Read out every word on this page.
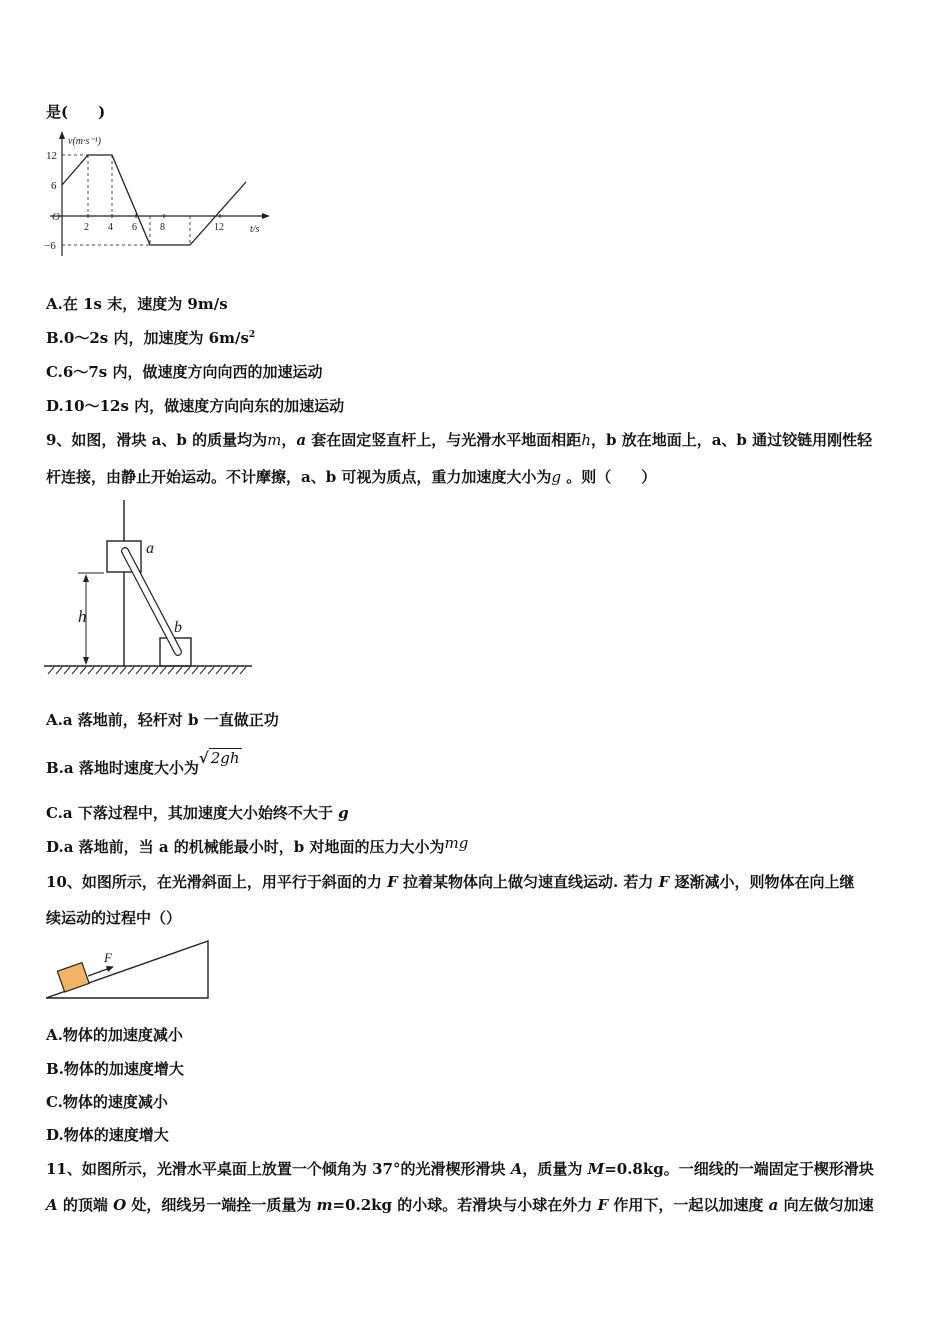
是(　　)
v(m·s⁻¹)
12
6
O
−6
2 4 6 8	12	t/s
A.在 1s 末，速度为 9m/s
B.0～2s 内，加速度为 $6m/s^2$
C.6～7s 内，做速度方向向西的加速运动
D.10～12s 内，做速度方向向东的加速运动
9、如图，滑块 a、b 的质量均为m，a 套在固定竖直杆上，与光滑水平地面相距h，b 放在地面上，a、b 通过铰链用刚性轻
杆连接，由静止开始运动。不计摩擦，a、b 可视为质点，重力加速度大小为g 。则（　　）
h
a
b
A.a 落地前，轻杆对 b 一直做正功
B.a 落地时速度大小为√ 2gh
C.a 下落过程中，其加速度大小始终不大于 g
D.a 落地前，当 a 的机械能最小时，b 对地面的压力大小为mg
10、如图所示，在光滑斜面上，用平行于斜面的力 F 拉着某物体向上做匀速直线运动. 若力 F 逐渐减小，则物体在向上继
续运动的过程中（）
F
A.物体的加速度减小
B.物体的加速度增大
C.物体的速度减小
D.物体的速度增大
11、如图所示，光滑水平桌面上放置一个倾角为 37°的光滑楔形滑块 A，质量为 M=0.8kg。一细线的一端固定于楔形滑块
A 的顶端 O 处，细线另一端拴一质量为 m=0.2kg 的小球。若滑块与小球在外力 F 作用下，一起以加速度 a 向左做匀加速
